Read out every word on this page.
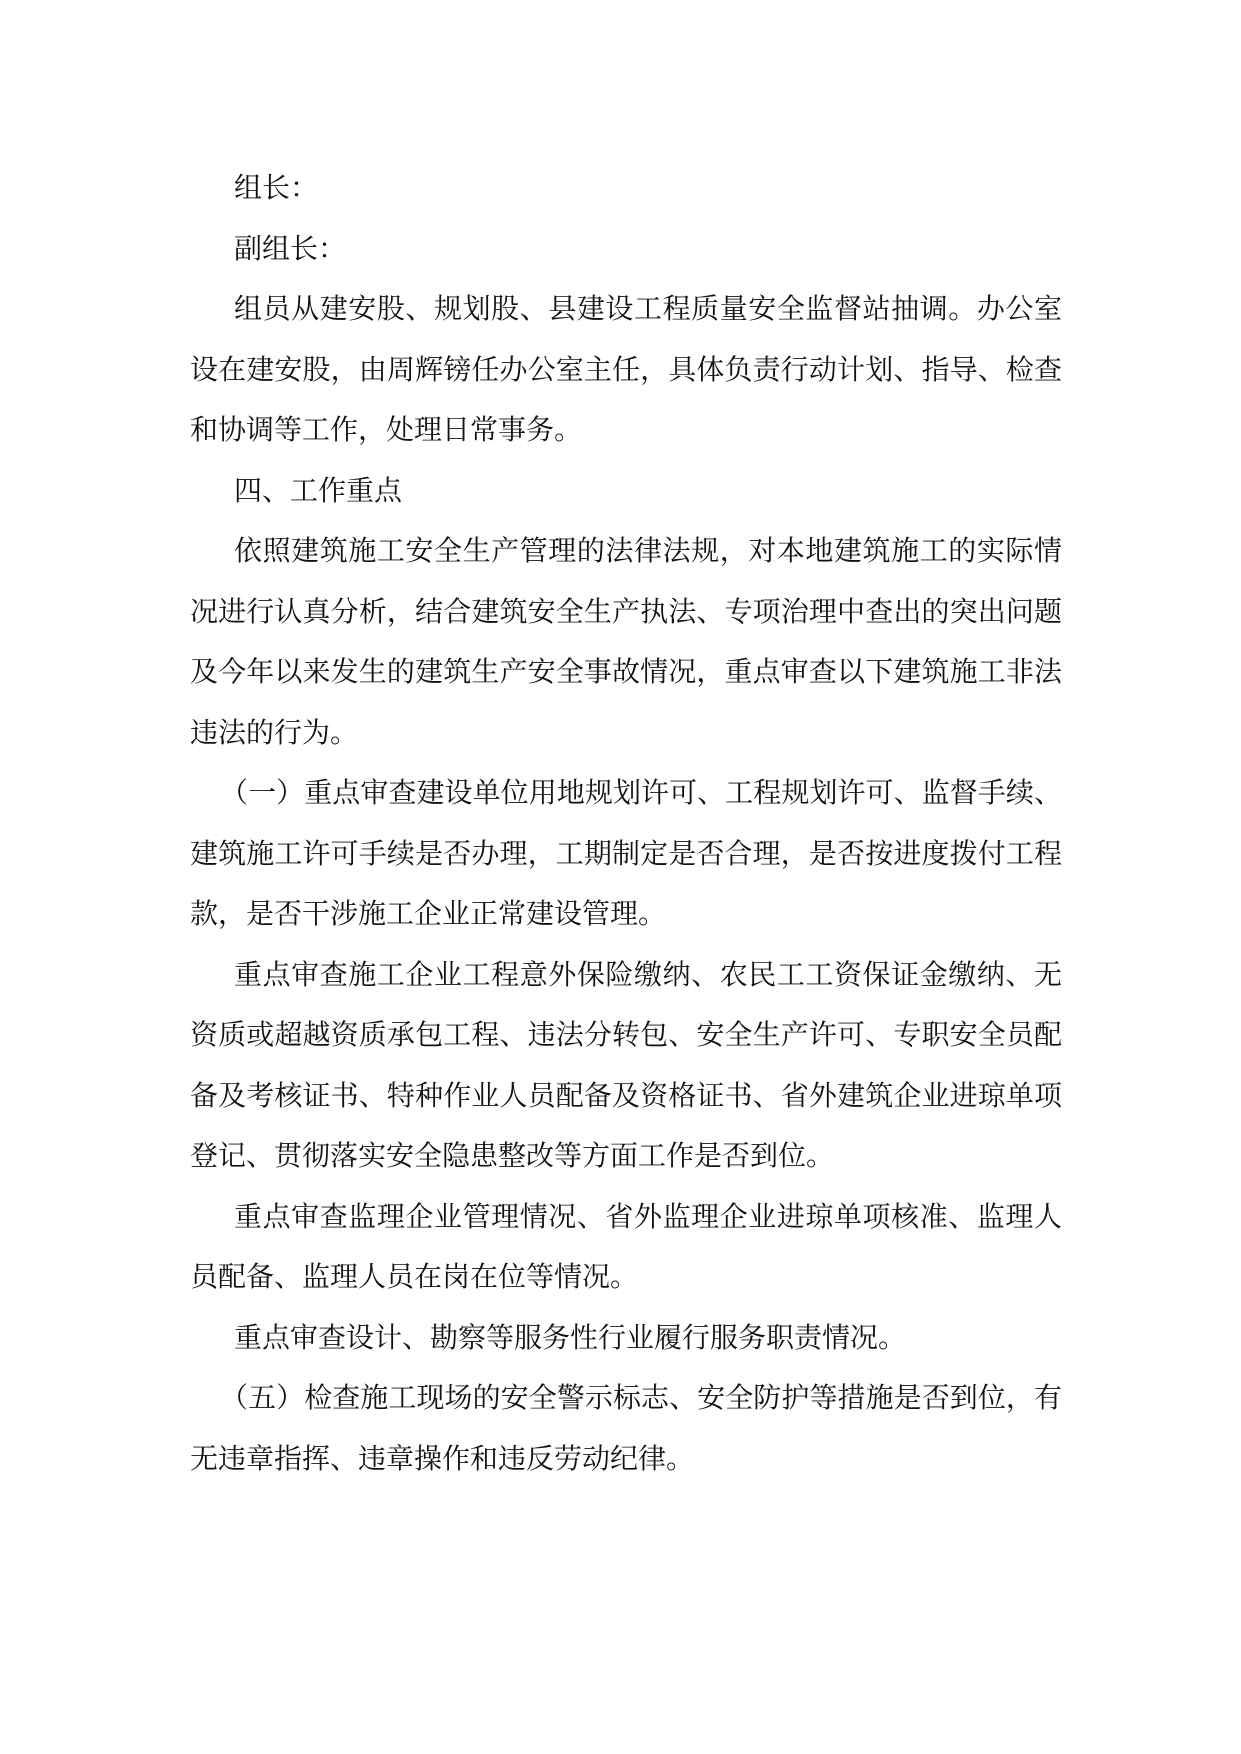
组长：

副组长：

组员从建安股、规划股、县建设工程质量安全监督站抽调。办公室设在建安股，由周辉镑任办公室主任，具体负责行动计划、指导、检查和协调等工作，处理日常事务。

四、工作重点

依照建筑施工安全生产管理的法律法规，对本地建筑施工的实际情况进行认真分析，结合建筑安全生产执法、专项治理中查出的突出问题及今年以来发生的建筑生产安全事故情况，重点审查以下建筑施工非法违法的行为。

（一）重点审查建设单位用地规划许可、工程规划许可、监督手续、建筑施工许可手续是否办理，工期制定是否合理，是否按进度拨付工程款，是否干涉施工企业正常建设管理。

重点审查施工企业工程意外保险缴纳、农民工工资保证金缴纳、无资质或超越资质承包工程、违法分转包、安全生产许可、专职安全员配备及考核证书、特种作业人员配备及资格证书、省外建筑企业进琼单项登记、贯彻落实安全隐患整改等方面工作是否到位。

重点审查监理企业管理情况、省外监理企业进琼单项核准、监理人员配备、监理人员在岗在位等情况。

重点审查设计、勘察等服务性行业履行服务职责情况。

（五）检查施工现场的安全警示标志、安全防护等措施是否到位，有无违章指挥、违章操作和违反劳动纪律。
